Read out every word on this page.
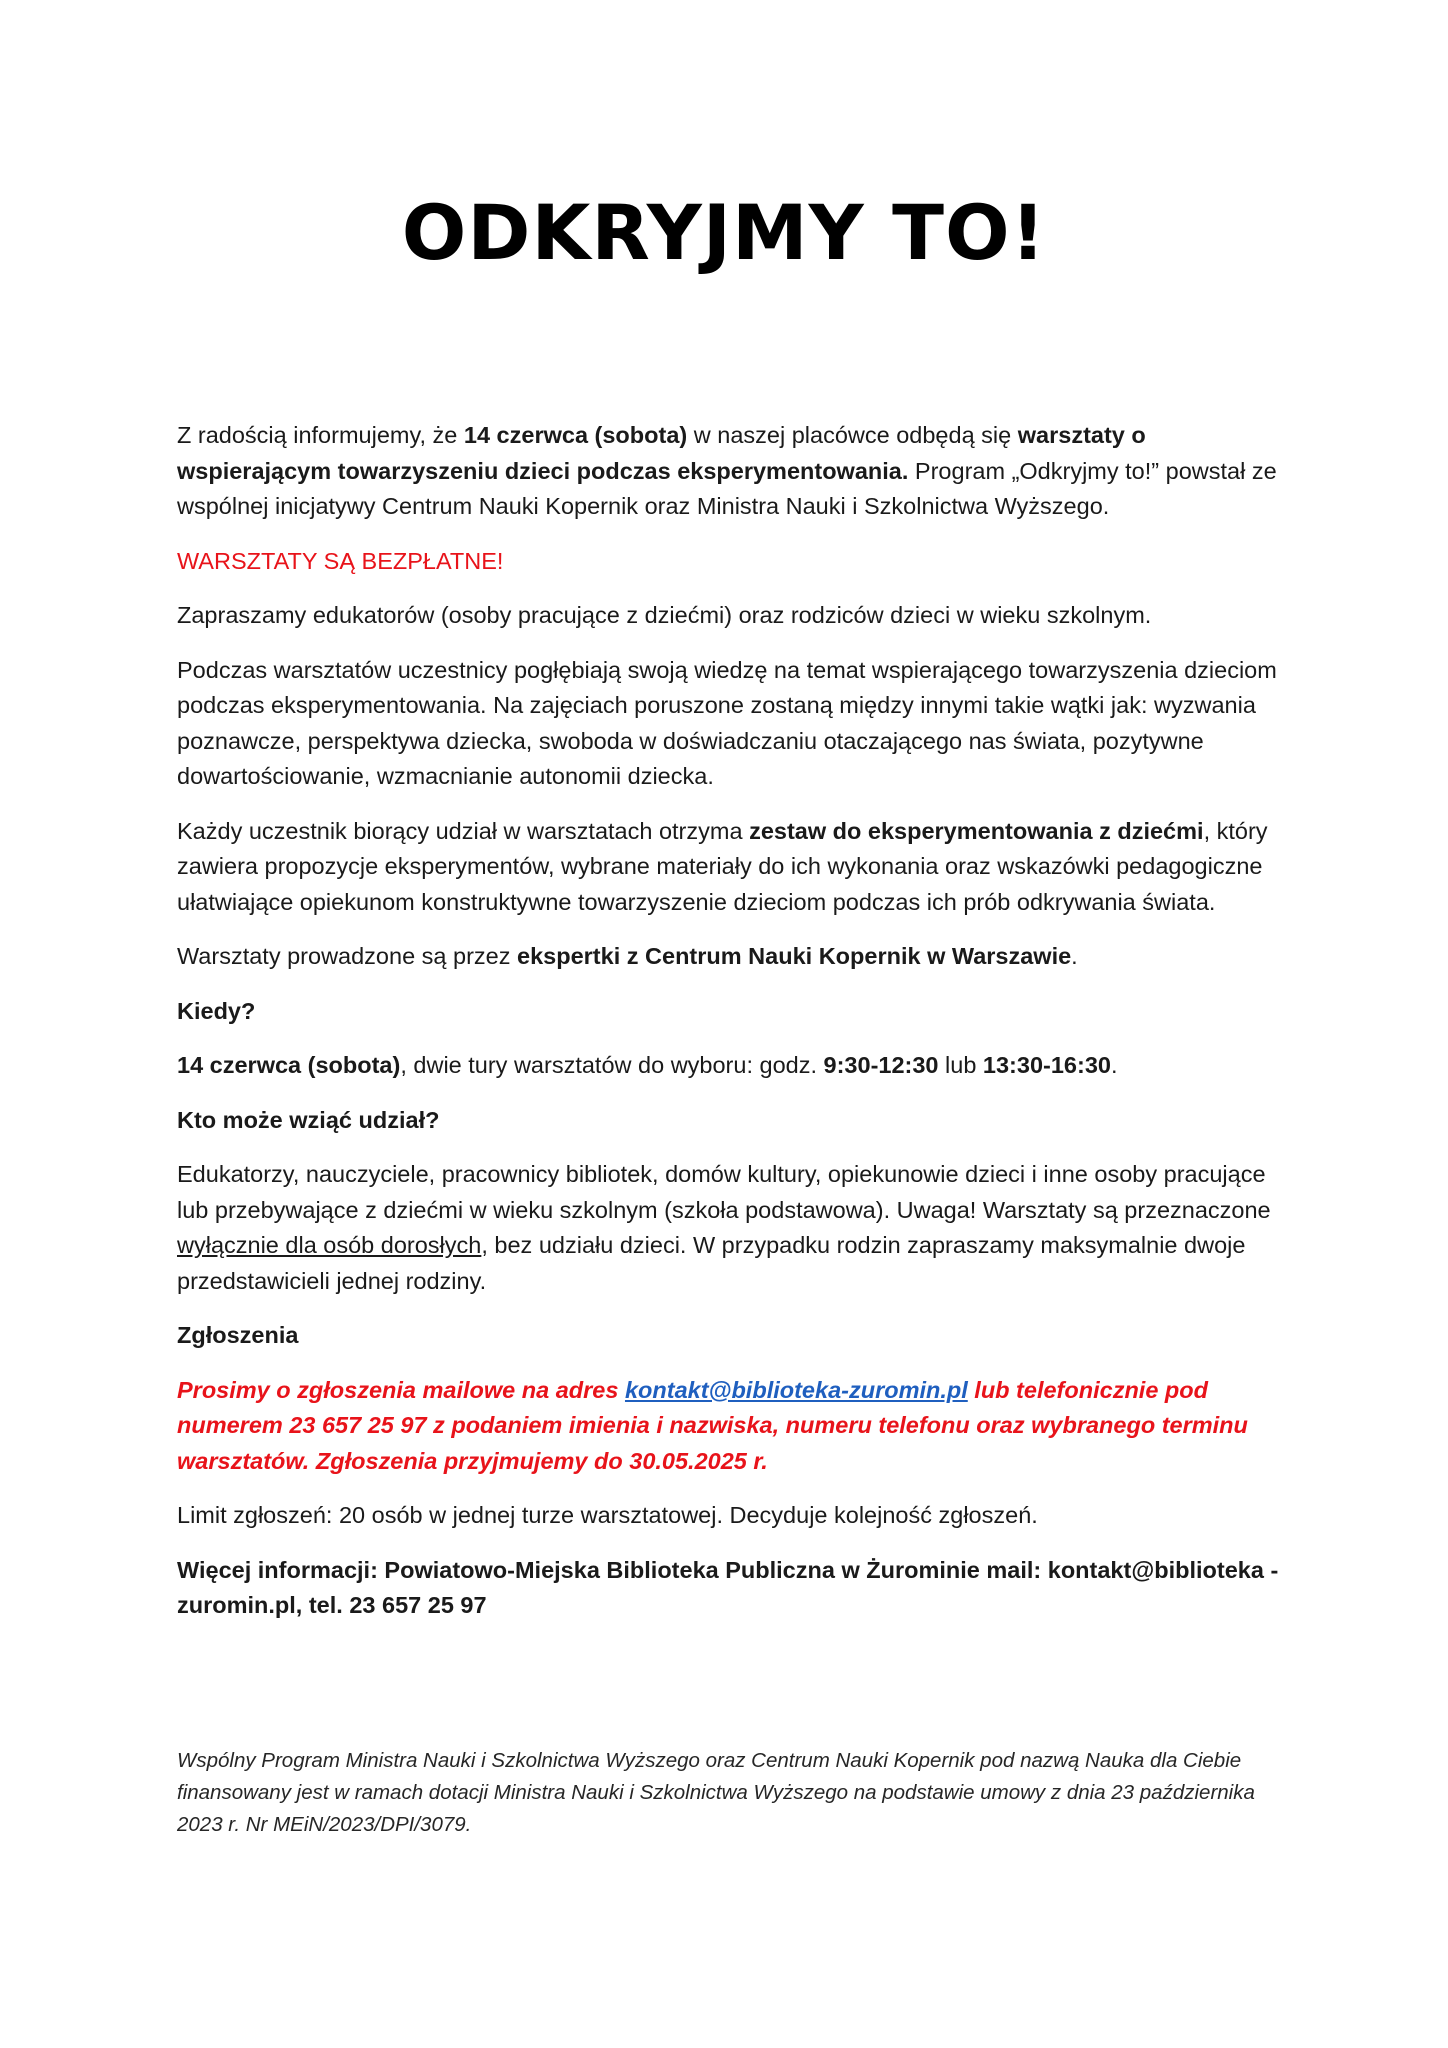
ODKRYJMY TO!

Z radością informujemy, że 14 czerwca (sobota) w naszej placówce odbędą się warsztaty o wspierającym towarzyszeniu dzieci podczas eksperymentowania. Program „Odkryjmy to!” powstał ze wspólnej inicjatywy Centrum Nauki Kopernik oraz Ministra Nauki i Szkolnictwa Wyższego.

WARSZTATY SĄ BEZPŁATNE!

Zapraszamy edukatorów (osoby pracujące z dziećmi) oraz rodziców dzieci w wieku szkolnym.

Podczas warsztatów uczestnicy pogłębiają swoją wiedzę na temat wspierającego towarzyszenia dzieciom podczas eksperymentowania. Na zajęciach poruszone zostaną między innymi takie wątki jak: wyzwania poznawcze, perspektywa dziecka, swoboda w doświadczaniu otaczającego nas świata, pozytywne dowartościowanie, wzmacnianie autonomii dziecka.

Każdy uczestnik biorący udział w warsztatach otrzyma zestaw do eksperymentowania z dziećmi, który zawiera propozycje eksperymentów, wybrane materiały do ich wykonania oraz wskazówki pedagogiczne ułatwiające opiekunom konstruktywne towarzyszenie dzieciom podczas ich prób odkrywania świata.

Warsztaty prowadzone są przez ekspertki z Centrum Nauki Kopernik w Warszawie.

Kiedy?

14 czerwca (sobota), dwie tury warsztatów do wyboru: godz. 9:30-12:30 lub 13:30-16:30.

Kto może wziąć udział?

Edukatorzy, nauczyciele, pracownicy bibliotek, domów kultury, opiekunowie dzieci i inne osoby pracujące lub przebywające z dziećmi w wieku szkolnym (szkoła podstawowa). Uwaga! Warsztaty są przeznaczone wyłącznie dla osób dorosłych, bez udziału dzieci. W przypadku rodzin zapraszamy maksymalnie dwoje przedstawicieli jednej rodziny.

Zgłoszenia

Prosimy o zgłoszenia mailowe na adres kontakt@biblioteka-zuromin.pl lub telefonicznie pod numerem 23 657 25 97 z podaniem imienia i nazwiska, numeru telefonu oraz wybranego terminu warsztatów. Zgłoszenia przyjmujemy do 30.05.2025 r.

Limit zgłoszeń: 20 osób w jednej turze warsztatowej. Decyduje kolejność zgłoszeń.

Więcej informacji: Powiatowo-Miejska Biblioteka Publiczna w Żurominie mail: kontakt@biblioteka -zuromin.pl, tel. 23 657 25 97

Wspólny Program Ministra Nauki i Szkolnictwa Wyższego oraz Centrum Nauki Kopernik pod nazwą Nauka dla Ciebie finansowany jest w ramach dotacji Ministra Nauki i Szkolnictwa Wyższego na podstawie umowy z dnia 23 października 2023 r. Nr MEiN/2023/DPI/3079.
